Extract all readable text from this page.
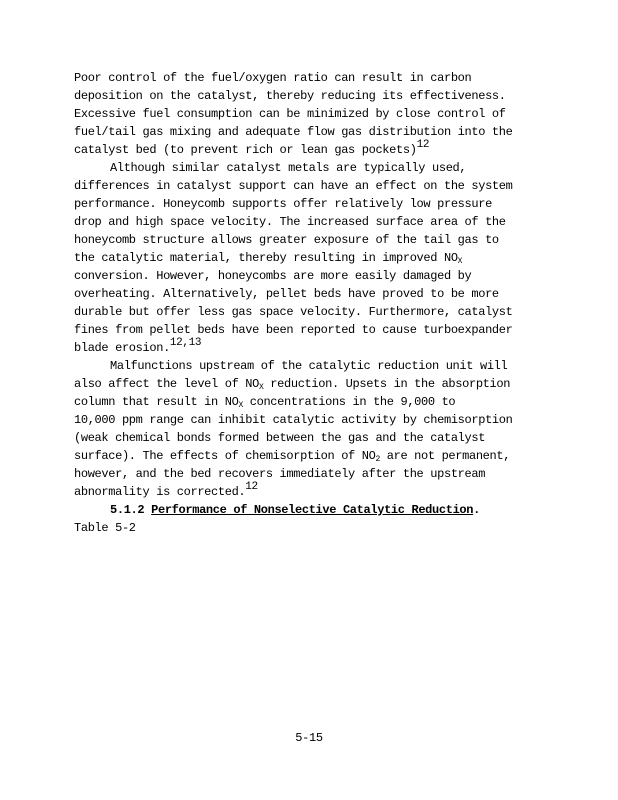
Poor control of the fuel/oxygen ratio can result in carbon
deposition on the catalyst, thereby reducing its effectiveness.
Excessive fuel consumption can be minimized by close control of
fuel/tail gas mixing and adequate flow gas distribution into the
catalyst bed (to prevent rich or lean gas pockets)$^{12}$
Although similar catalyst metals are typically used,
differences in catalyst support can have an effect on the system
performance. Honeycomb supports offer relatively low pressure
drop and high space velocity. The increased surface area of the
honeycomb structure allows greater exposure of the tail gas to
the catalytic material, thereby resulting in improved $NO_X$
conversion. However, honeycombs are more easily damaged by
overheating. Alternatively, pellet beds have proved to be more
durable but offer less gas space velocity. Furthermore, catalyst
fines from pellet beds have been reported to cause turboexpander
blade erosion.$^{12,13}$
Malfunctions upstream of the catalytic reduction unit will
also affect the level of $NO_X$ reduction. Upsets in the absorption
column that result in $NO_X$ concentrations in the 9,000 to
10,000 ppm range can inhibit catalytic activity by chemisorption
(weak chemical bonds formed between the gas and the catalyst
surface). The effects of chemisorption of $NO_2$ are not permanent,
however, and the bed recovers immediately after the upstream
abnormality is corrected.$^{12}$
5.1.2 Performance of Nonselective Catalytic Reduction.
Table 5-2
5-15
